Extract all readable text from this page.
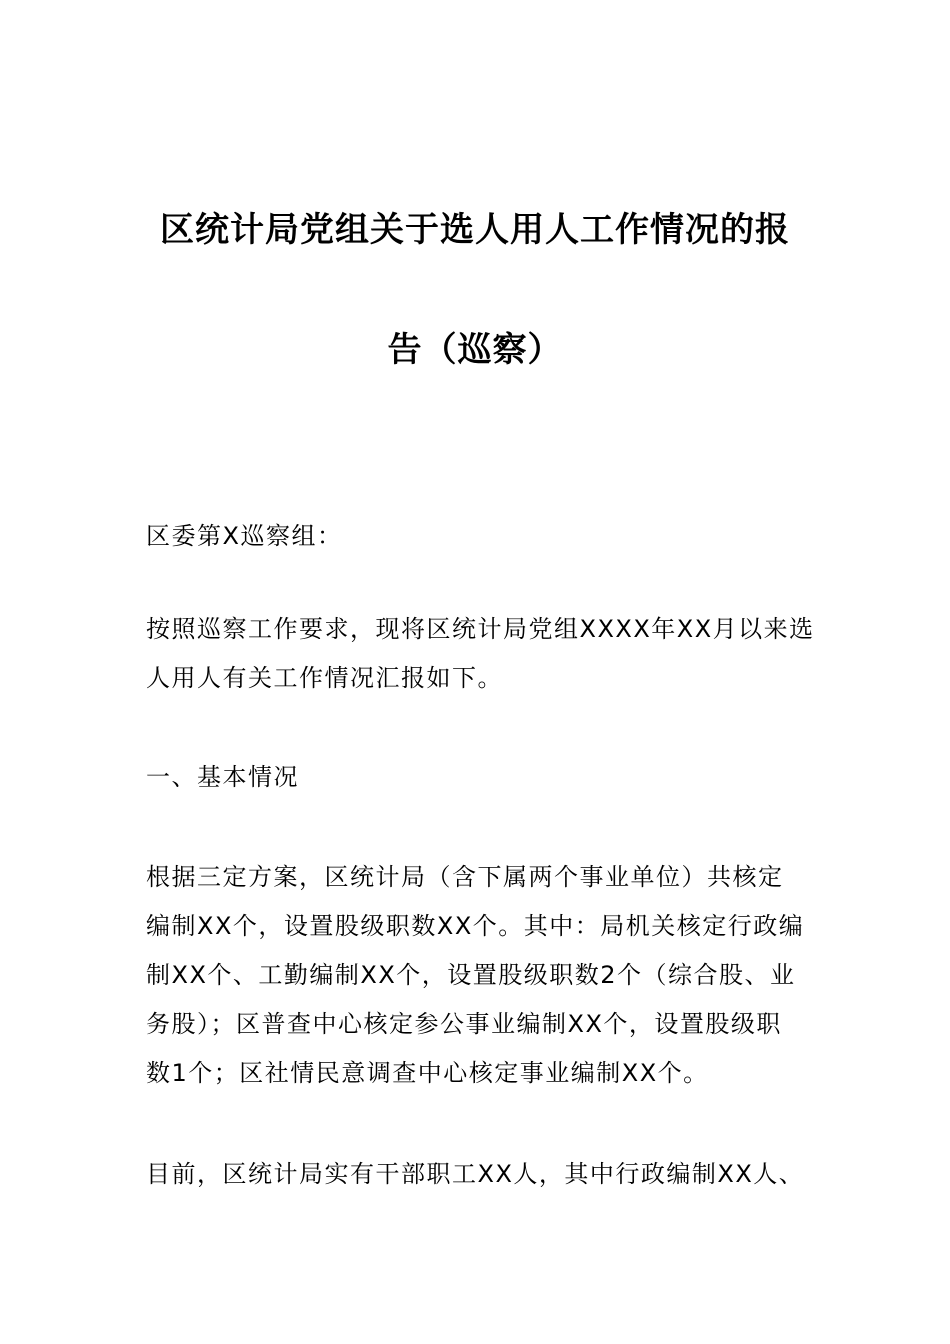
区统计局党组关于选人用人工作情况的报
告（巡察）
区委第X巡察组：
按照巡察工作要求，现将区统计局党组XXXX年XX月以来选
人用人有关工作情况汇报如下。
一、基本情况
根据三定方案，区统计局（含下属两个事业单位）共核定
编制XX个，设置股级职数XX个。其中：局机关核定行政编
制XX个、工勤编制XX个，设置股级职数2个（综合股、业
务股）；区普查中心核定参公事业编制XX个，设置股级职
数1个；区社情民意调查中心核定事业编制XX个。
目前，区统计局实有干部职工XX人，其中行政编制XX人、
